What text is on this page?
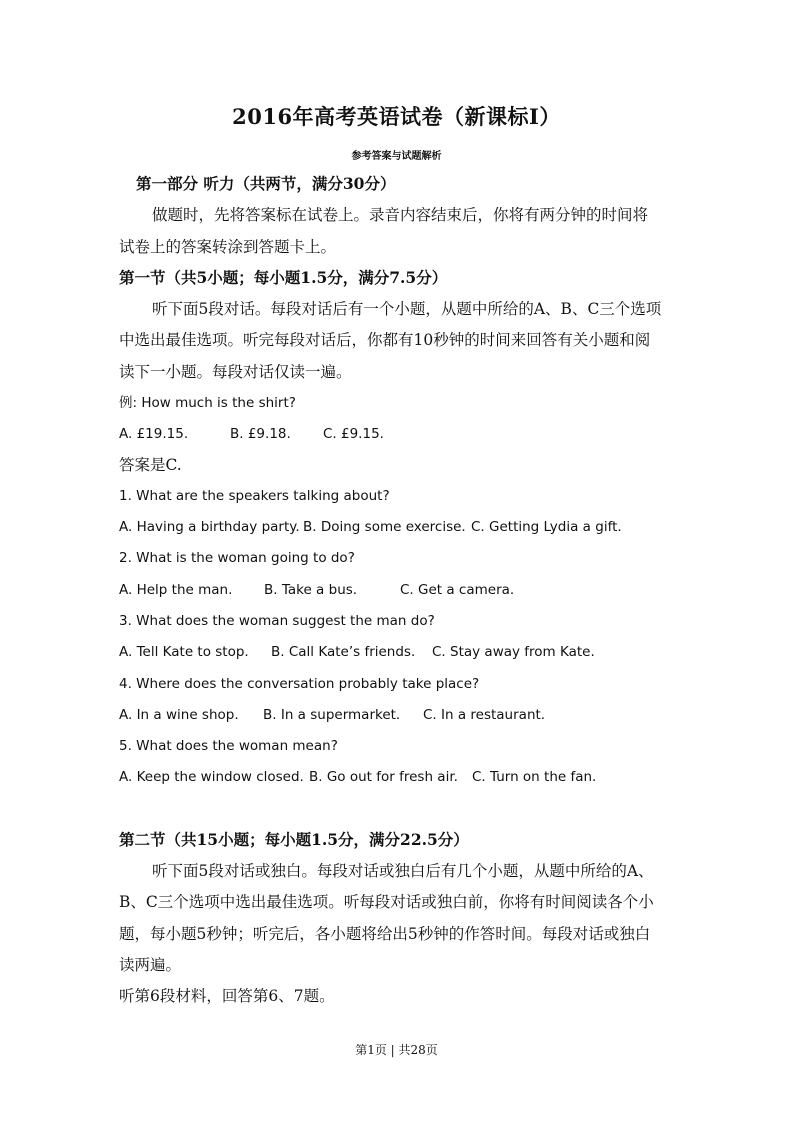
2016年高考英语试卷（新课标Ⅰ）
参考答案与试题解析
第一部分 听力（共两节，满分30分）
做题时，先将答案标在试卷上。录音内容结束后，你将有两分钟的时间将
试卷上的答案转涂到答题卡上。
第一节（共5小题；每小题1.5分，满分7.5分）
听下面5段对话。每段对话后有一个小题，从题中所给的A、B、C三个选项
中选出最佳选项。听完每段对话后，你都有10秒钟的时间来回答有关小题和阅
读下一小题。每段对话仅读一遍。
例: How much is the shirt?
A. £19.15.	B. £9.18. C. £9.15.
答案是C.
1. What are the speakers talking about?
A. Having a birthday party. B. Doing some exercise. C. Getting Lydia a gift.
2. What is the woman going to do?
A. Help the man. B. Take a bus.	C. Get a camera.
3. What does the woman suggest the man do?
A. Tell Kate to stop. B. Call Kate’s friends. C. Stay away from Kate.
4. Where does the conversation probably take place?
A. In a wine shop. B. In a supermarket. C. In a restaurant.
5. What does the woman mean?
A. Keep the window closed. B. Go out for fresh air. C. Turn on the fan.
第二节（共15小题；每小题1.5分，满分22.5分）
听下面5段对话或独白。每段对话或独白后有几个小题，从题中所给的A、
B、C三个选项中选出最佳选项。听每段对话或独白前，你将有时间阅读各个小
题，每小题5秒钟；听完后，各小题将给出5秒钟的作答时间。每段对话或独白
读两遍。
听第6段材料，回答第6、7题。
第1页 | 共28页
